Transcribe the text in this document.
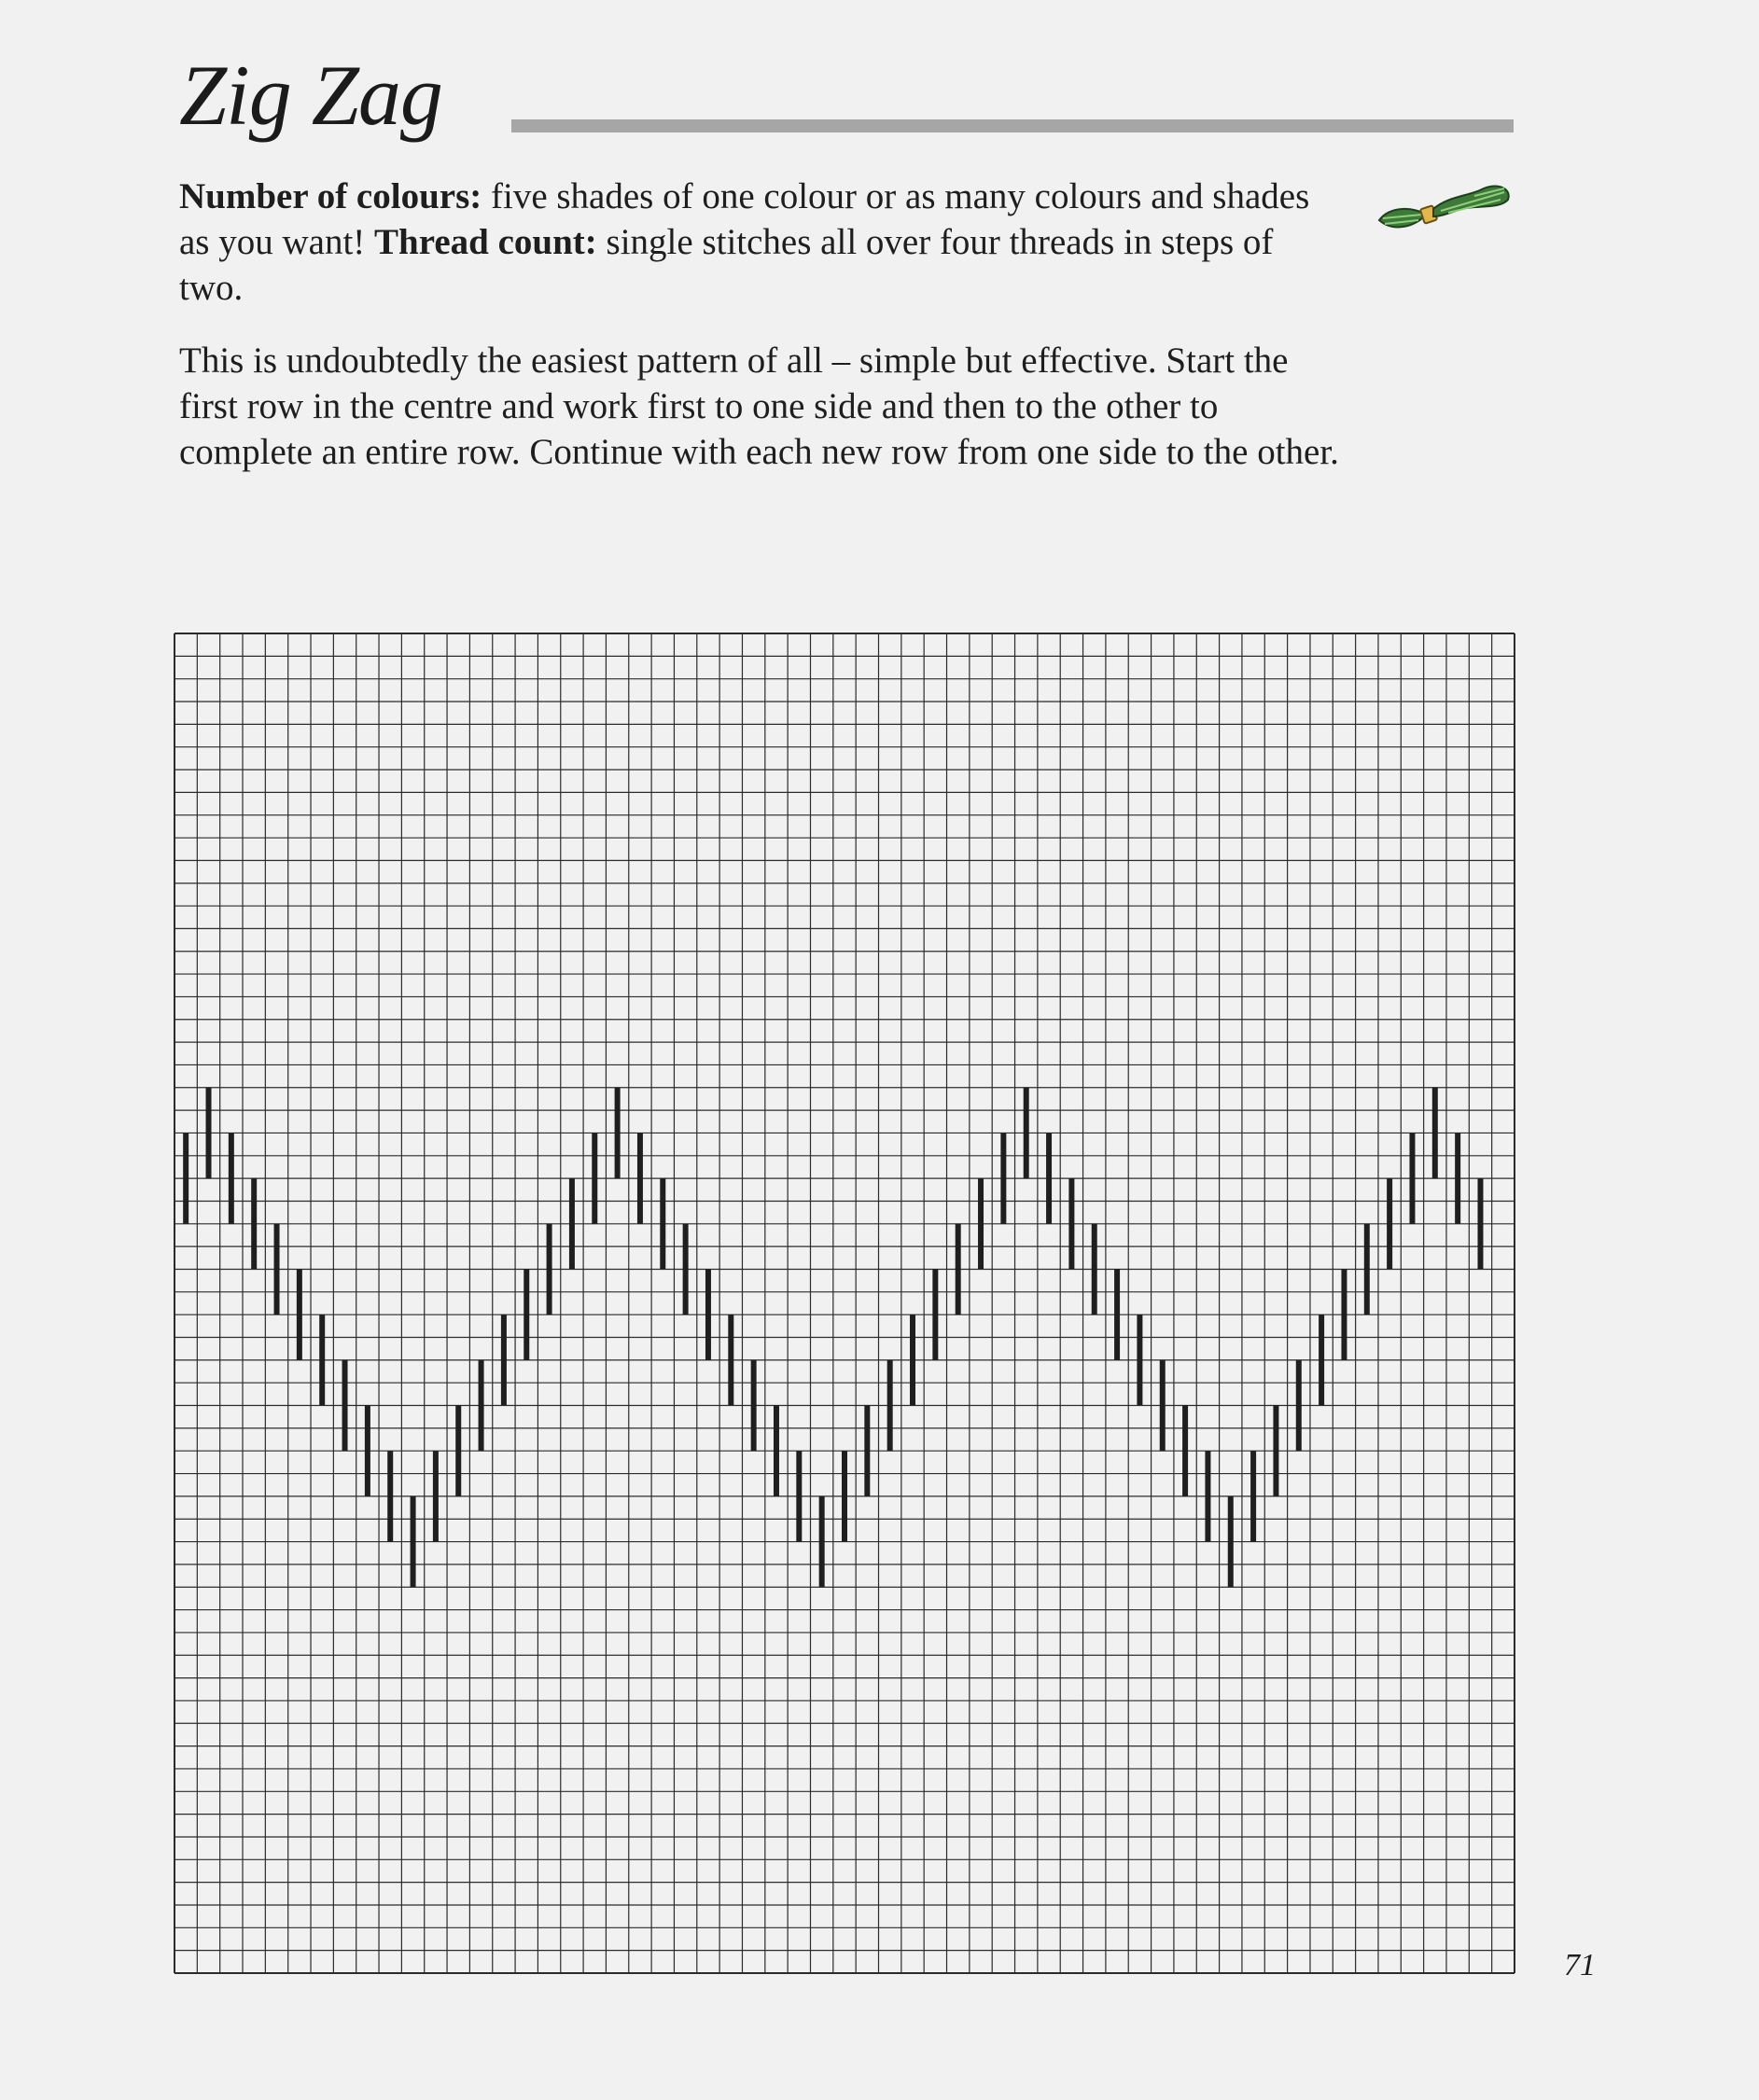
Zig Zag

Number of colours: five shades of one colour or as many colours and shades as you want! Thread count: single stitches all over four threads in steps of two.

This is undoubtedly the easiest pattern of all – simple but effective. Start the first row in the centre and work first to one side and then to the other to complete an entire row. Continue with each new row from one side to the other.

71
